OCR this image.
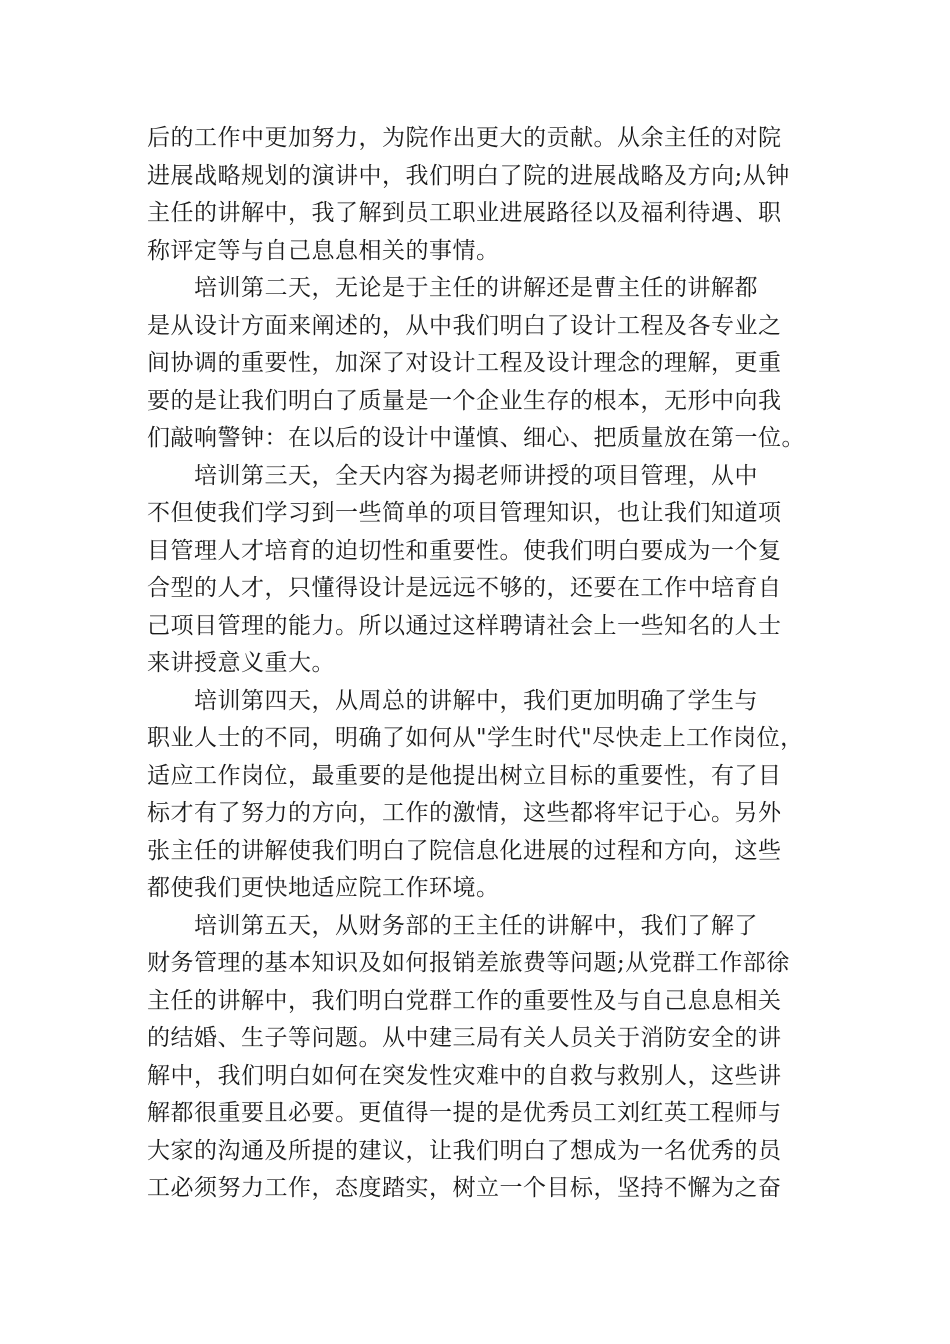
后的工作中更加努力，为院作出更大的贡献。从余主任的对院
进展战略规划的演讲中，我们明白了院的进展战略及方向;从钟
主任的讲解中，我了解到员工职业进展路径以及福利待遇、职
称评定等与自己息息相关的事情。
　　培训第二天，无论是于主任的讲解还是曹主任的讲解都
是从设计方面来阐述的，从中我们明白了设计工程及各专业之
间协调的重要性，加深了对设计工程及设计理念的理解，更重
要的是让我们明白了质量是一个企业生存的根本，无形中向我
们敲响警钟：在以后的设计中谨慎、细心、把质量放在第一位。
　　培训第三天，全天内容为揭老师讲授的项目管理，从中
不但使我们学习到一些简单的项目管理知识，也让我们知道项
目管理人才培育的迫切性和重要性。使我们明白要成为一个复
合型的人才，只懂得设计是远远不够的，还要在工作中培育自
己项目管理的能力。所以通过这样聘请社会上一些知名的人士
来讲授意义重大。
　　培训第四天，从周总的讲解中，我们更加明确了学生与
职业人士的不同，明确了如何从"学生时代"尽快走上工作岗位，
适应工作岗位，最重要的是他提出树立目标的重要性，有了目
标才有了努力的方向，工作的激情，这些都将牢记于心。另外
张主任的讲解使我们明白了院信息化进展的过程和方向，这些
都使我们更快地适应院工作环境。
　　培训第五天，从财务部的王主任的讲解中，我们了解了
财务管理的基本知识及如何报销差旅费等问题;从党群工作部徐
主任的讲解中，我们明白党群工作的重要性及与自己息息相关
的结婚、生子等问题。从中建三局有关人员关于消防安全的讲
解中，我们明白如何在突发性灾难中的自救与救别人，这些讲
解都很重要且必要。更值得一提的是优秀员工刘红英工程师与
大家的沟通及所提的建议，让我们明白了想成为一名优秀的员
工必须努力工作，态度踏实，树立一个目标，坚持不懈为之奋
